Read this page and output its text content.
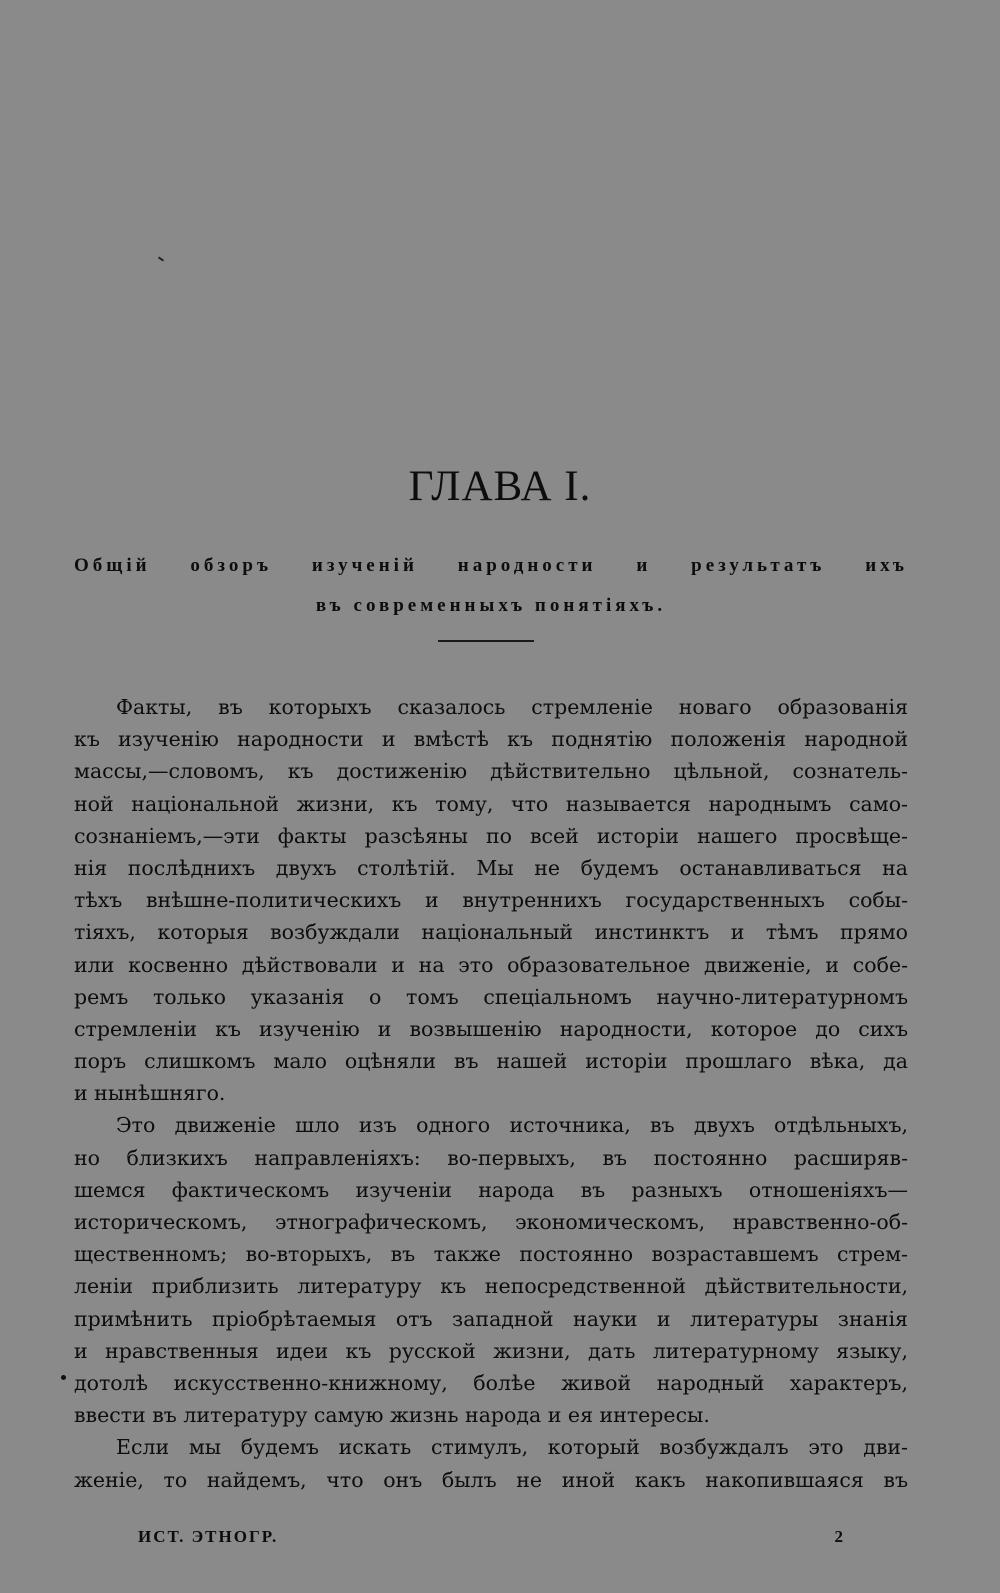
ГЛАВА I.
Общій обзоръ изученій народности и результатъ ихъ
въ современныхъ понятіяхъ.
Факты, въ которыхъ сказалось стремленіе новаго образованія
къ изученію народности и вмѣстѣ къ поднятію положенія народной
массы,—словомъ, къ достиженію дѣйствительно цѣльной, сознатель-
ной національной жизни, къ тому, что называется народнымъ само-
сознаніемъ,—эти факты разсѣяны по всей исторіи нашего просвѣще-
нія послѣднихъ двухъ столѣтій. Мы не будемъ останавливаться на
тѣхъ внѣшне-политическихъ и внутреннихъ государственныхъ собы-
тіяхъ, которыя возбуждали національный инстинктъ и тѣмъ прямо
или косвенно дѣйствовали и на это образовательное движеніе, и собе-
ремъ только указанія о томъ спеціальномъ научно-литературномъ
стремленіи къ изученію и возвышенію народности, которое до сихъ
поръ слишкомъ мало оцѣняли въ нашей исторіи прошлаго вѣка, да
и нынѣшняго.
Это движеніе шло изъ одного источника, въ двухъ отдѣльныхъ,
но близкихъ направленіяхъ: во-первыхъ, въ постоянно расширяв-
шемся фактическомъ изученіи народа въ разныхъ отношеніяхъ—
историческомъ, этнографическомъ, экономическомъ, нравственно-об-
щественномъ; во-вторыхъ, въ также постоянно возраставшемъ стрем-
леніи приблизить литературу къ непосредственной дѣйствительности,
примѣнить пріобрѣтаемыя отъ западной науки и литературы знанія
и нравственныя идеи къ русской жизни, дать литературному языку,
дотолѣ искусственно-книжному, болѣе живой народный характеръ,
ввести въ литературу самую жизнь народа и ея интересы.
Если мы будемъ искать стимулъ, который возбуждалъ это дви-
женіе, то найдемъ, что онъ былъ не иной какъ накопившаяся въ
ИСТ. ЭТНОГР.	2
